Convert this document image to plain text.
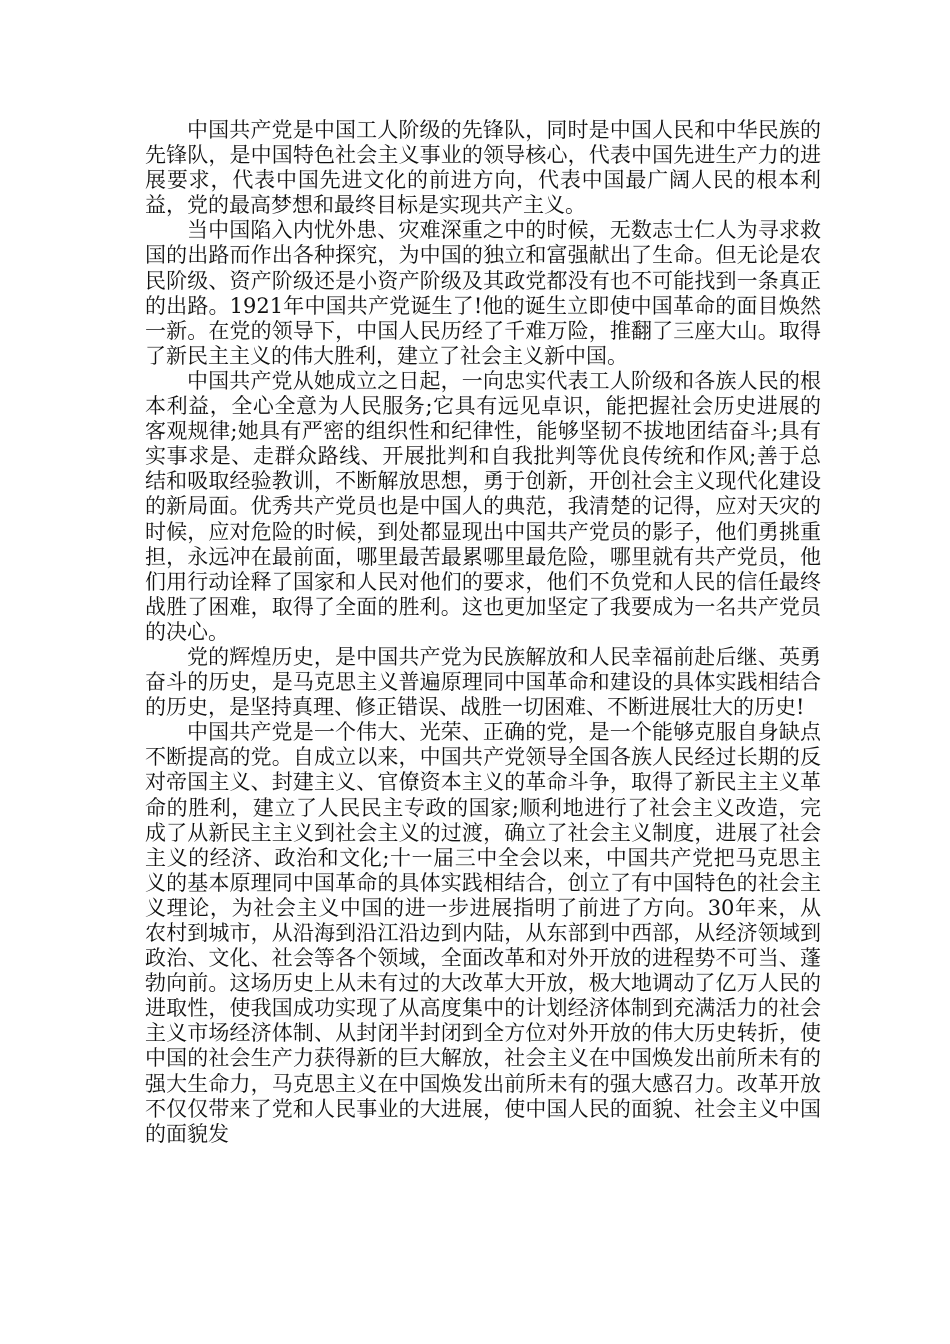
中国共产党是中国工人阶级的先锋队，同时是中国人民和中华民族的先锋队，是中国特色社会主义事业的领导核心，代表中国先进生产力的进展要求，代表中国先进文化的前进方向，代表中国最广阔人民的根本利益，党的最高梦想和最终目标是实现共产主义。

当中国陷入内忧外患、灾难深重之中的时候，无数志士仁人为寻求救国的出路而作出各种探究，为中国的独立和富强献出了生命。但无论是农民阶级、资产阶级还是小资产阶级及其政党都没有也不可能找到一条真正的出路。1921年中国共产党诞生了!他的诞生立即使中国革命的面目焕然一新。在党的领导下，中国人民历经了千难万险，推翻了三座大山。取得了新民主主义的伟大胜利，建立了社会主义新中国。

中国共产党从她成立之日起，一向忠实代表工人阶级和各族人民的根本利益，全心全意为人民服务;它具有远见卓识，能把握社会历史进展的客观规律;她具有严密的组织性和纪律性，能够坚韧不拔地团结奋斗;具有实事求是、走群众路线、开展批判和自我批判等优良传统和作风;善于总结和吸取经验教训，不断解放思想，勇于创新，开创社会主义现代化建设的新局面。优秀共产党员也是中国人的典范，我清楚的记得，应对天灾的时候，应对危险的时候，到处都显现出中国共产党员的影子，他们勇挑重担，永远冲在最前面，哪里最苦最累哪里最危险，哪里就有共产党员，他们用行动诠释了国家和人民对他们的要求，他们不负党和人民的信任最终战胜了困难，取得了全面的胜利。这也更加坚定了我要成为一名共产党员的决心。

党的辉煌历史，是中国共产党为民族解放和人民幸福前赴后继、英勇奋斗的历史，是马克思主义普遍原理同中国革命和建设的具体实践相结合的历史，是坚持真理、修正错误、战胜一切困难、不断进展壮大的历史!

中国共产党是一个伟大、光荣、正确的党，是一个能够克服自身缺点不断提高的党。自成立以来，中国共产党领导全国各族人民经过长期的反对帝国主义、封建主义、官僚资本主义的革命斗争，取得了新民主主义革命的胜利，建立了人民民主专政的国家;顺利地进行了社会主义改造，完成了从新民主主义到社会主义的过渡，确立了社会主义制度，进展了社会主义的经济、政治和文化;十一届三中全会以来，中国共产党把马克思主义的基本原理同中国革命的具体实践相结合，创立了有中国特色的社会主义理论，为社会主义中国的进一步进展指明了前进了方向。30年来，从农村到城市，从沿海到沿江沿边到内陆，从东部到中西部，从经济领域到政治、文化、社会等各个领域，全面改革和对外开放的进程势不可当、蓬勃向前。这场历史上从未有过的大改革大开放，极大地调动了亿万人民的进取性，使我国成功实现了从高度集中的计划经济体制到充满活力的社会主义市场经济体制、从封闭半封闭到全方位对外开放的伟大历史转折，使中国的社会生产力获得新的巨大解放，社会主义在中国焕发出前所未有的强大生命力，马克思主义在中国焕发出前所未有的强大感召力。改革开放不仅仅带来了党和人民事业的大进展，使中国人民的面貌、社会主义中国的面貌发
